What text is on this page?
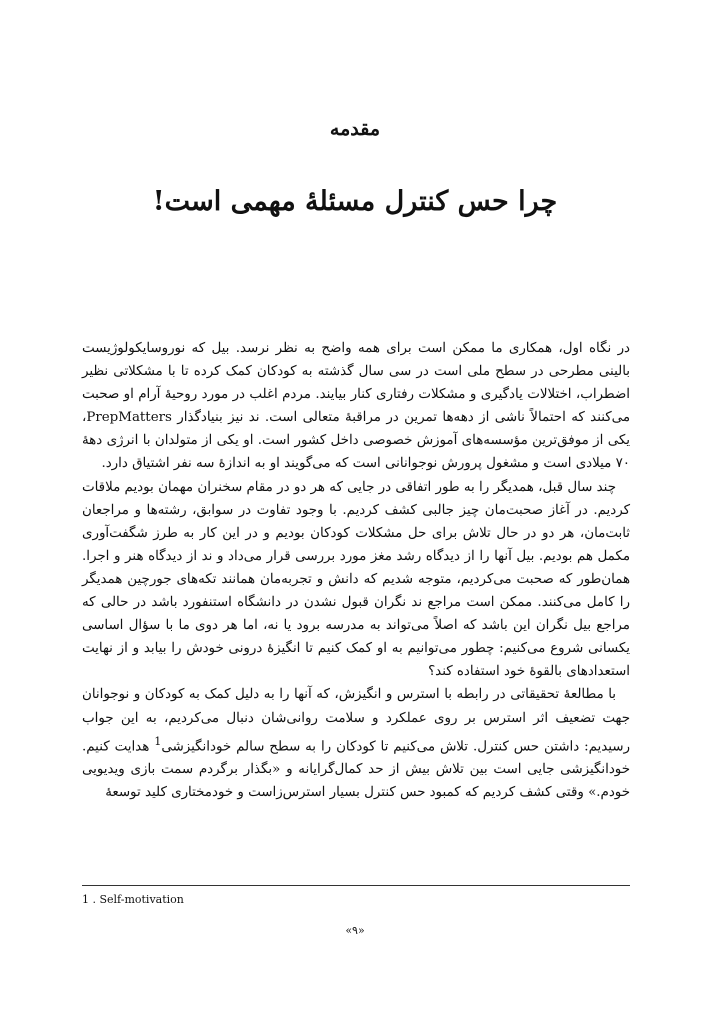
مقدمه
چرا حس کنترل مسئلهٔ مهمی است!

در نگاه اول، همکاری ما ممکن است برای همه واضح به نظر نرسد. بیل که نوروسایکولوژیست بالینی مطرحی در سطح ملی است در سی سال گذشته به کودکان کمک کرده تا با مشکلاتی نظیر اضطراب، اختلالات یادگیری و مشکلات رفتاری کنار بیایند. مردم اغلب در مورد روحیهٔ آرام او صحبت می‌کنند که احتمالاً ناشی از دهه‌ها تمرین در مراقبهٔ متعالی است. ند نیز بنیادگذار PrepMatters، یکی از موفق‌ترین مؤسسه‌های آموزش خصوصی داخل کشور است. او یکی از متولدان با انرژی دههٔ ۷۰ میلادی است و مشغول پرورش نوجوانانی است که می‌گویند او به اندازهٔ سه نفر اشتیاق دارد.

چند سال قبل، همدیگر را به طور اتفاقی در جایی که هر دو در مقام سخنران مهمان بودیم ملاقات کردیم. در آغاز صحبت‌مان چیز جالبی کشف کردیم. با وجود تفاوت در سوابق، رشته‌ها و مراجعان ثابت‌مان، هر دو در حال تلاش برای حل مشکلات کودکان بودیم و در این کار به طرز شگفت‌آوری مکمل هم بودیم. بیل آنها را از دیدگاه رشد مغز مورد بررسی قرار می‌داد و ند از دیدگاه هنر و اجرا. همان‌طور که صحبت می‌کردیم، متوجه شدیم که دانش و تجربه‌مان همانند تکه‌های جورچین همدیگر را کامل می‌کنند. ممکن است مراجع ند نگران قبول نشدن در دانشگاه استنفورد باشد در حالی که مراجع بیل نگران این باشد که اصلاً می‌تواند به مدرسه برود یا نه، اما هر دوی ما با سؤال اساسی یکسانی شروع می‌کنیم: چطور می‌توانیم به او کمک کنیم تا انگیزهٔ درونی خودش را بیابد و از نهایت استعدادهای بالقوهٔ خود استفاده کند؟

با مطالعهٔ تحقیقاتی در رابطه با استرس و انگیزش، که آنها را به دلیل کمک به کودکان و نوجوانان جهت تضعیف اثر استرس بر روی عملکرد و سلامت روانی‌شان دنبال می‌کردیم، به این جواب رسیدیم: داشتن حس کنترل. تلاش می‌کنیم تا کودکان را به سطح سالم خودانگیزشی$^1$ هدایت کنیم. خودانگیزشی جایی است بین تلاش بیش از حد کمال‌گرایانه و «بگذار برگردم سمت بازی ویدیویی خودم.» وقتی کشف کردیم که کمبود حس کنترل بسیار استرس‌زاست و خودمختاری کلید توسعهٔ

1 . Self-motivation
«۹»
